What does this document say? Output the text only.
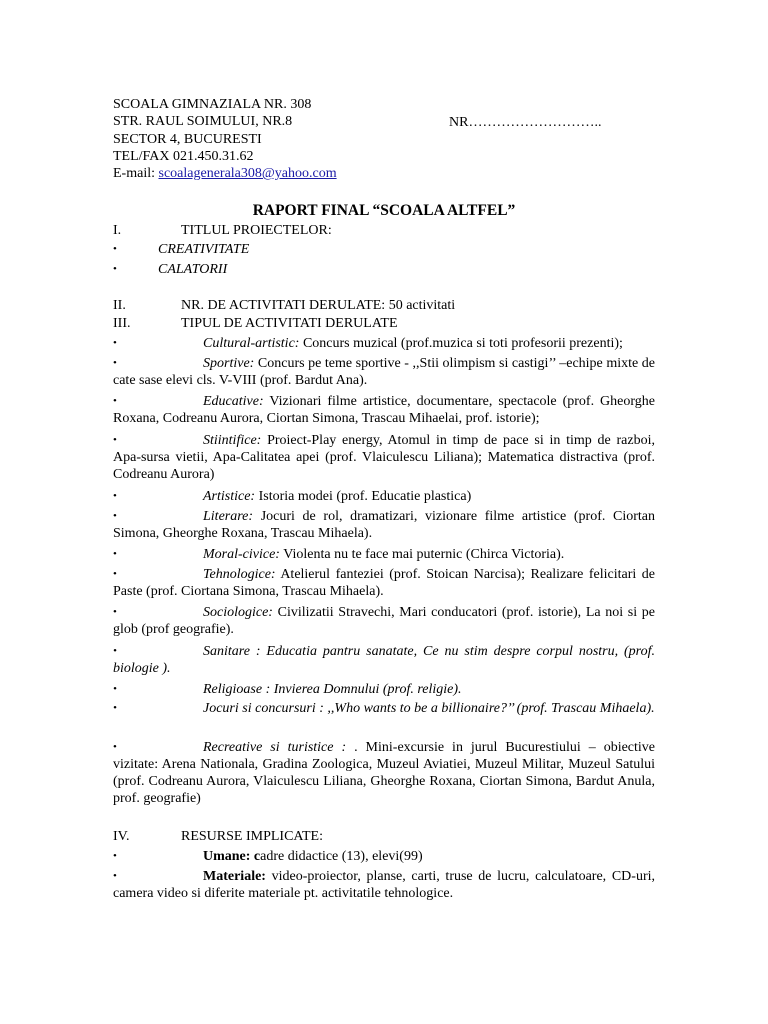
SCOALA GIMNAZIALA NR. 308
STR. RAUL SOIMULUI, NR.8
SECTOR 4, BUCURESTI
TEL/FAX 021.450.31.62
E-mail: scoalagenerala308@yahoo.com
NR………………………..
RAPORT FINAL “SCOALA ALTFEL”
I.	TITLUL PROIECTELOR:
•	CREATIVITATE
•	CALATORII
II.	NR. DE ACTIVITATI DERULATE: 50 activitati
III.	TIPUL DE ACTIVITATI DERULATE
•	Cultural-artistic: Concurs muzical (prof.muzica si toti profesorii prezenti);
•	Sportive: Concurs pe teme sportive - ,,Stii olimpism si castigi’’ –echipe mixte de cate sase elevi cls. V-VIII (prof. Bardut Ana).
•	Educative: Vizionari filme artistice, documentare, spectacole (prof. Gheorghe Roxana, Codreanu Aurora, Ciortan Simona, Trascau Mihaelai, prof. istorie);
•	Stiintifice: Proiect-Play energy, Atomul in timp de pace si in timp de razboi, Apa-sursa vietii, Apa-Calitatea apei (prof. Vlaiculescu Liliana); Matematica distractiva (prof. Codreanu Aurora)
•	Artistice: Istoria modei (prof. Educatie plastica)
•	Literare: Jocuri de rol, dramatizari, vizionare filme artistice (prof. Ciortan Simona, Gheorghe Roxana, Trascau Mihaela).
•	Moral-civice: Violenta nu te face mai puternic (Chirca Victoria).
•	Tehnologice: Atelierul fanteziei (prof. Stoican Narcisa); Realizare felicitari de Paste (prof. Ciortana Simona, Trascau Mihaela).
•	Sociologice: Civilizatii Stravechi, Mari conducatori (prof. istorie), La noi si pe glob (prof geografie).
•	Sanitare : Educatia pantru sanatate, Ce nu stim despre corpul nostru, (prof. biologie ).
•	Religioase : Invierea Domnului (prof. religie).
•	Jocuri si concursuri : ,,Who wants to be a billionaire?’’ (prof. Trascau Mihaela).
•	Recreative si turistice : . Mini-excursie in jurul Bucurestiului – obiective vizitate: Arena Nationala, Gradina Zoologica, Muzeul Aviatiei, Muzeul Militar, Muzeul Satului (prof. Codreanu Aurora, Vlaiculescu Liliana, Gheorghe Roxana, Ciortan Simona, Bardut Anula, prof. geografie)
IV.	RESURSE IMPLICATE:
•	Umane: cadre didactice (13), elevi(99)
•	Materiale: video-proiector, planse, carti, truse de lucru, calculatoare, CD-uri, camera video si diferite materiale pt. activitatile tehnologice.
